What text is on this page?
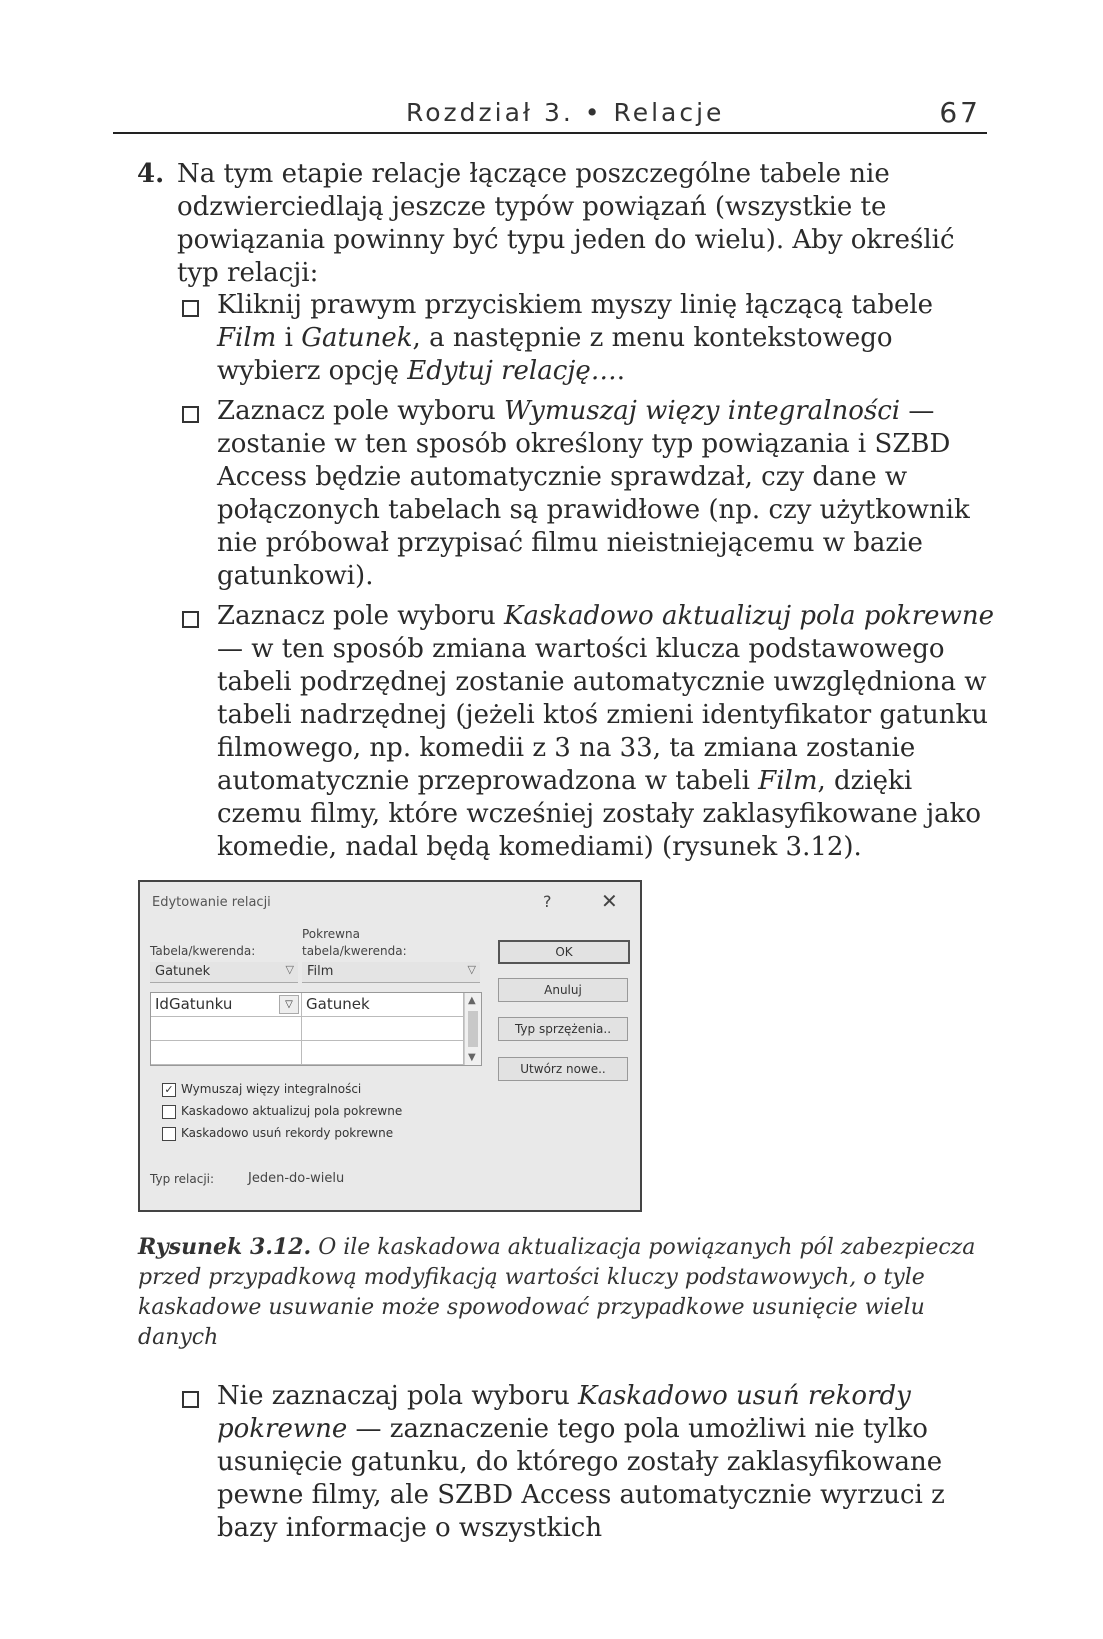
Rozdział 3. • Relacje	67
4. Na tym etapie relacje łączące poszczególne tabele nie odzwierciedlają jeszcze typów powiązań (wszystkie te powiązania powinny być typu jeden do wielu). Aby określić typ relacji:
Kliknij prawym przyciskiem myszy linię łączącą tabele Film i Gatunek, a następnie z menu kontekstowego wybierz opcję Edytuj relację….
Zaznacz pole wyboru Wymuszaj więzy integralności — zostanie w ten sposób określony typ powiązania i SZBD Access będzie automatycznie sprawdzał, czy dane w połączonych tabelach są prawidłowe (np. czy użytkownik nie próbował przypisać filmu nieistniejącemu w bazie gatunkowi).
Zaznacz pole wyboru Kaskadowo aktualizuj pola pokrewne — w ten sposób zmiana wartości klucza podstawowego tabeli podrzędnej zostanie automatycznie uwzględniona w tabeli nadrzędnej (jeżeli ktoś zmieni identyfikator gatunku filmowego, np. komedii z 3 na 33, ta zmiana zostanie automatycznie przeprowadzona w tabeli Film, dzięki czemu filmy, które wcześniej zostały zaklasyfikowane jako komedie, nadal będą komediami) (rysunek 3.12).
Edytowanie relacji	? ✕
Tabela/kwerenda:
Pokrewna
tabela/kwerenda:
Gatunek	▽ Film	▽
IdGatunku	▽ Gatunek	▲
▼
OK
Anuluj
Typ sprzężenia..
Utwórz nowe..
✓ Wymuszaj więzy integralności
Kaskadowo aktualizuj pola pokrewne
Kaskadowo usuń rekordy pokrewne
Typ relacji:	Jeden-do-wielu
Rysunek 3.12. O ile kaskadowa aktualizacja powiązanych pól zabezpiecza przed przypadkową modyfikacją wartości kluczy podstawowych, o tyle kaskadowe usuwanie może spowodować przypadkowe usunięcie wielu danych
Nie zaznaczaj pola wyboru Kaskadowo usuń rekordy pokrewne — zaznaczenie tego pola umożliwi nie tylko usunięcie gatunku, do którego zostały zaklasyfikowane pewne filmy, ale SZBD Access automatycznie wyrzuci z bazy informacje o wszystkich
